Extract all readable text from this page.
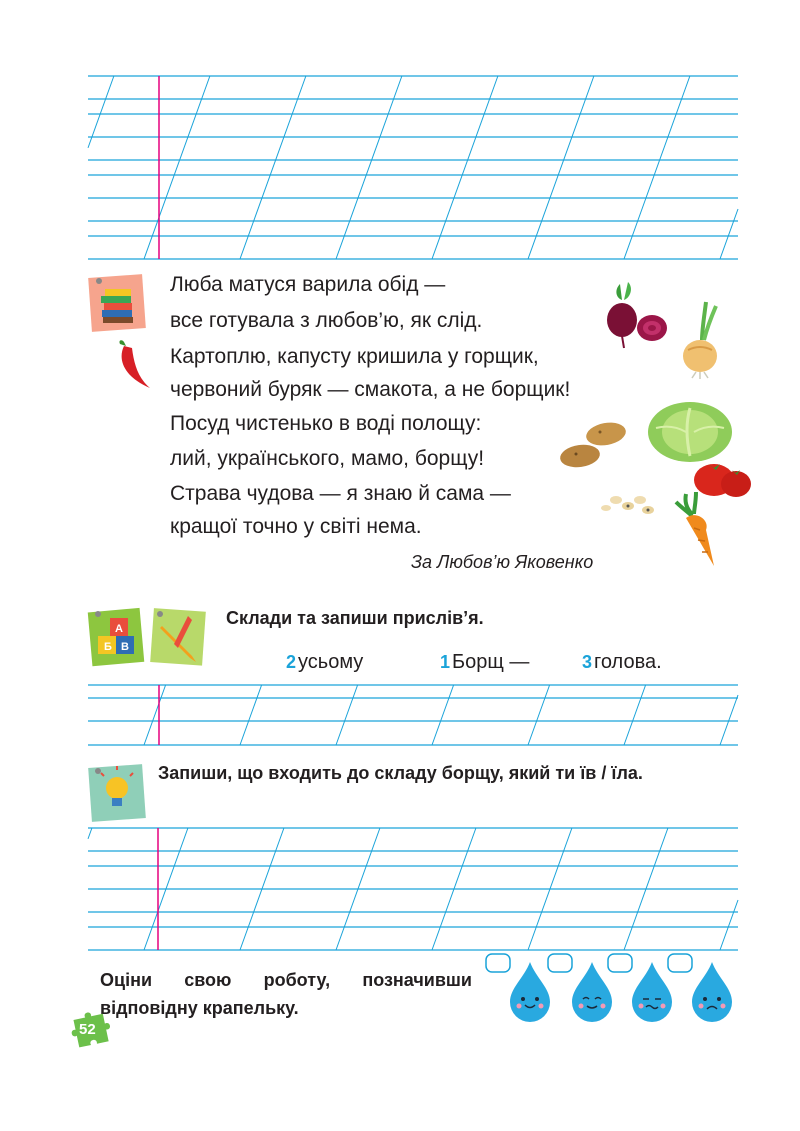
Люба матуся варила обід —
все готувала з любов’ю, як слід.
Картоплю, капусту кришила у горщик,
червоний буряк — смакота, а не борщик!
Посуд чистенько в воді полощу:
лий, українського, мамо, борщу!
Страва чудова — я знаю й сама —
кращої точно у світі нема.
За Любов’ю Яковенко
Б В
А
Склади та запиши прислів’я.
2 усьому	1 Борщ —	3 голова.
Запиши, що входить до складу борщу, який ти їв / їла.
Оціни свою роботу, позначивши відповідну крапельку.
52
